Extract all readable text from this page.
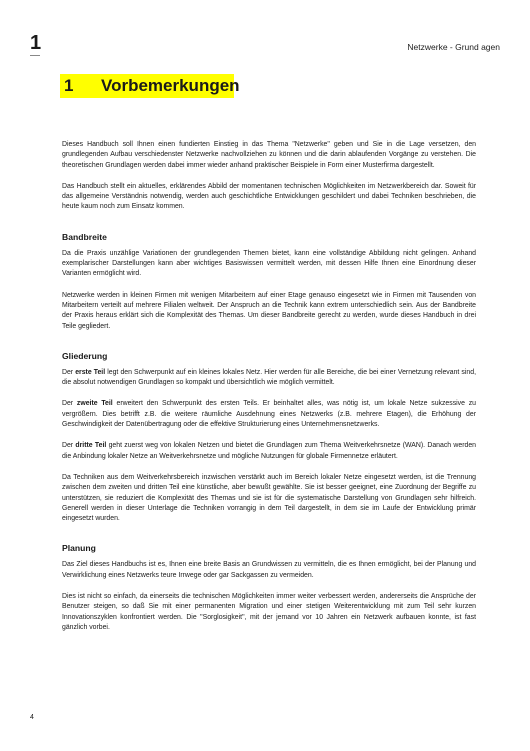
1	Netzwerke - Grund agen
1 Vorbemerkungen

Dieses Handbuch soll Ihnen einen fundierten Einstieg in das Thema "Netzwerke" geben und Sie in die Lage versetzen, den grundlegenden Aufbau verschiedenster Netzwerke nachvollziehen zu können und die darin ablaufenden Vorgänge zu verstehen. Die theoretischen Grundlagen werden dabei immer wieder anhand praktischer Beispiele in Form einer Musterfirma dargestellt.

Das Handbuch stellt ein aktuelles, erklärendes Abbild der momentanen technischen Möglichkeiten im Netzwerkbereich dar. Soweit für das allgemeine Verständnis notwendig, werden auch geschichtliche Entwicklungen geschildert und dabei Techniken beschrieben, die heute kaum noch zum Einsatz kommen.

Bandbreite

Da die Praxis unzählige Variationen der grundlegenden Themen bietet, kann eine vollständige Abbildung nicht gelingen. Anhand exemplarischer Darstellungen kann aber wichtiges Basiswissen vermittelt werden, mit dessen Hilfe Ihnen eine Einordnung dieser Varianten ermöglicht wird.

Netzwerke werden in kleinen Firmen mit wenigen Mitarbeitern auf einer Etage genauso eingesetzt wie in Firmen mit Tausenden von Mitarbeitern verteilt auf mehrere Filialen weltweit. Der Anspruch an die Technik kann extrem unterschiedlich sein. Aus der Bandbreite der Praxis heraus erklärt sich die Komplexität des Themas. Um dieser Bandbreite gerecht zu werden, wurde dieses Handbuch in drei Teile gegliedert.

Gliederung

Der erste Teil legt den Schwerpunkt auf ein kleines lokales Netz. Hier werden für alle Bereiche, die bei einer Vernetzung relevant sind, die absolut notwendigen Grundlagen so kompakt und übersichtlich wie möglich vermittelt.

Der zweite Teil erweitert den Schwerpunkt des ersten Teils. Er beinhaltet alles, was nötig ist, um lokale Netze sukzessive zu vergrößern. Dies betrifft z.B. die weitere räumliche Ausdehnung eines Netzwerks (z.B. mehrere Etagen), die Erhöhung der Geschwindigkeit der Datenübertragung oder die effektive Strukturierung eines Unternehmensnetzwerks.

Der dritte Teil geht zuerst weg von lokalen Netzen und bietet die Grundlagen zum Thema Weitverkehrsnetze (WAN). Danach werden die Anbindung lokaler Netze an Weitverkehrsnetze und mögliche Nutzungen für globale Firmennetze erläutert.

Da Techniken aus dem Weitverkehrsbereich inzwischen verstärkt auch im Bereich lokaler Netze eingesetzt werden, ist die Trennung zwischen dem zweiten und dritten Teil eine künstliche, aber bewußt gewählte. Sie ist besser geeignet, eine Zuordnung der Begriffe zu unterstützen, sie reduziert die Komplexität des Themas und sie ist für die systematische Darstellung von Grundlagen sehr hilfreich. Generell werden in dieser Unterlage die Techniken vorrangig in dem Teil dargestellt, in dem sie im Laufe der Entwicklung primär eingesetzt wurden.

Planung

Das Ziel dieses Handbuchs ist es, Ihnen eine breite Basis an Grundwissen zu vermitteln, die es Ihnen ermöglicht, bei der Planung und Verwirklichung eines Netzwerks teure Irrwege oder gar Sackgassen zu vermeiden.

Dies ist nicht so einfach, da einerseits die technischen Möglichkeiten immer weiter verbessert werden, andererseits die Ansprüche der Benutzer steigen, so daß Sie mit einer permanenten Migration und einer stetigen Weiterentwicklung mit zum Teil sehr kurzen Innovationszyklen konfrontiert werden. Die "Sorglosigkeit", mit der jemand vor 10 Jahren ein Netzwerk aufbauen konnte, ist fast gänzlich vorbei.

4
